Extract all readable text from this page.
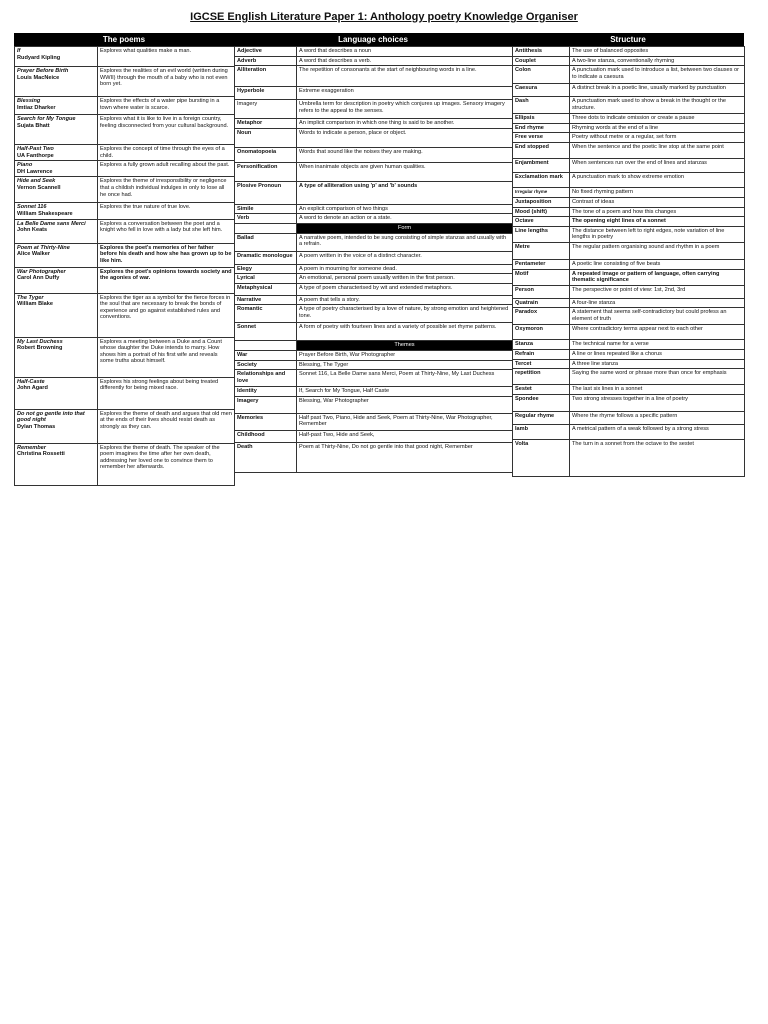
IGCSE English Literature Paper 1: Anthology poetry Knowledge Organiser
The poems
If
Rudyard Kipling	Explores what qualities make a man.
Prayer Before Birth
Louis MacNeice	Explores the realities of an evil world (written during WWII) through the mouth of a baby who is not even born yet.
Blessing
Imtiaz Dharker	Explores the effects of a water pipe bursting in a town where water is scarce.
Search for My Tongue
Sujata Bhatt	Explores what it is like to live in a foreign country, feeling disconnected from your cultural background.
Half-Past Two
UA Fanthorpe	Explores the concept of time through the eyes of a child.
Piano
DH Lawrence	Explores a fully grown adult recalling about the past.
Hide and Seek
Vernon Scannell	Explores the theme of irresponsibility or negligence that a childish individual indulges in only to lose all he once had.
Sonnet 116
William Shakespeare	Explores the true nature of true love.
La Belle Dame sans Merci
John Keats	Explores a conversation between the poet and a knight who fell in love with a lady but she left him.
Poem at Thirty-Nine
Alice Walker	Explores the poet's memories of her father before his death and how she has grown up to be like him.
War Photographer
Carol Ann Duffy	Explores the poet's opinions towards society and the agonies of war.
The Tyger
William Blake	Explores the tiger as a symbol for the fierce forces in the soul that are necessary to break the bonds of experience and go against established rules and conventions.
My Last Duchess
Robert Browning	Explores a meeting between a Duke and a Count whose daughter the Duke intends to marry. How shows him a portrait of his first wife and reveals some truths about himself.
Half-Caste
John Agard	Explores his strong feelings about being treated differently for being mixed race.
Do not go gentle into that good night
Dylan Thomas	Explores the theme of death and argues that old men at the ends of their lives should resist death as strongly as they can.
Remember
Christina Rossetti	Explores the theme of death. The speaker of the poem imagines the time after her own death, addressing her loved one to convince them to remember her afterwards.
Language choices
Adjective	A word that describes a noun
Adverb	A word that describes a verb.
Alliteration	The repetition of consonants at the start of neighbouring words in a line.
Hyperbole	Extreme exaggeration
Imagery	Umbrella term for description in poetry which conjures up images. Sensory imagery refers to the appeal to the senses.
Metaphor	An implicit comparison in which one thing is said to be another.
Noun	Words to indicate a person, place or object.
Onomatopoeia	Words that sound like the noises they are making.
Personification	When inanimate objects are given human qualities.
Plosive Pronoun	A type of alliteration using 'p' and 'b' sounds
Simile	An explicit comparison of two things
Verb	A word to denote an action or a state.
	Form
Ballad	A narrative poem, intended to be sung consisting of simple stanzas and usually with a refrain.
Dramatic monologue	A poem written in the voice of a distinct character.
Elegy	A poem in mourning for someone dead.
Lyrical	An emotional, personal poem usually written in the first person.
Metaphysical	A type of poem characterised by wit and extended metaphors.
Narrative	A poem that tells a story.
Romantic	A type of poetry characterised by a love of nature, by strong emotion and heightened tone.
Sonnet	A form of poetry with fourteen lines and a variety of possible set rhyme patterns.
	Themes
War	Prayer Before Birth, War Photographer
Society	Blessing, The Tyger
Relationships and love	Sonnet 116, La Belle Dame sans Merci, Poem at Thirty-Nine, My Last Duchess
Identity	If, Search for My Tongue, Half Caste
Imagery	Blessing, War Photographer
Memories	Half past Two, Piano, Hide and Seek, Poem at Thirty-Nine, War Photographer, Remember
Childhood	Half-past Two, Hide and Seek,
Death	Poem at Thirty-Nine, Do not go gentle into that good night, Remember
Structure
Antithesis	The use of balanced opposites
Couplet	A two-line stanza, conventionally rhyming
Colon	A punctuation mark used to introduce a list, between two clauses or to indicate a caesura
Caesura	A distinct break in a poetic line, usually marked by punctuation
Dash	A punctuation mark used to show a break in the thought or the structure.
Ellipsis	Three dots to indicate omission or create a pause
End rhyme	Rhyming words at the end of a line
Free verse	Poetry without metre or a regular, set form
End stopped	When the sentence and the poetic line stop at the same point
Enjambment	When sentences run over the end of lines and stanzas
Exclamation mark	A punctuation mark to show extreme emotion
Irregular rhyme	No fixed rhyming pattern
Juxtaposition	Contrast of ideas
Mood (shift)	The tone of a poem and how this changes
Octave	The opening eight lines of a sonnet
Line lengths	The distance between left to right edges, note variation of line lengths in poetry
Metre	The regular pattern organising sound and rhythm in a poem
Pentameter	A poetic line consisting of five beats
Motif	A repeated image or pattern of language, often carrying thematic significance
Person	The perspective or point of view: 1st, 2nd, 3rd
Quatrain	A four-line stanza
Paradox	A statement that seems self-contradictory but could profess an element of truth
Oxymoron	Where contradictory terms appear next to each other
Stanza	The technical name for a verse
Refrain	A line or lines repeated like a chorus
Tercet	A three line stanza
repetition	Saying the same word or phrase more than once for emphasis
Sestet	The last six lines in a sonnet
Spondee	Two strong stresses together in a line of poetry
Regular rhyme	Where the rhyme follows a specific pattern
Iamb	A metrical pattern of a weak followed by a strong stress
Volta	The turn in a sonnet from the octave to the sestet
